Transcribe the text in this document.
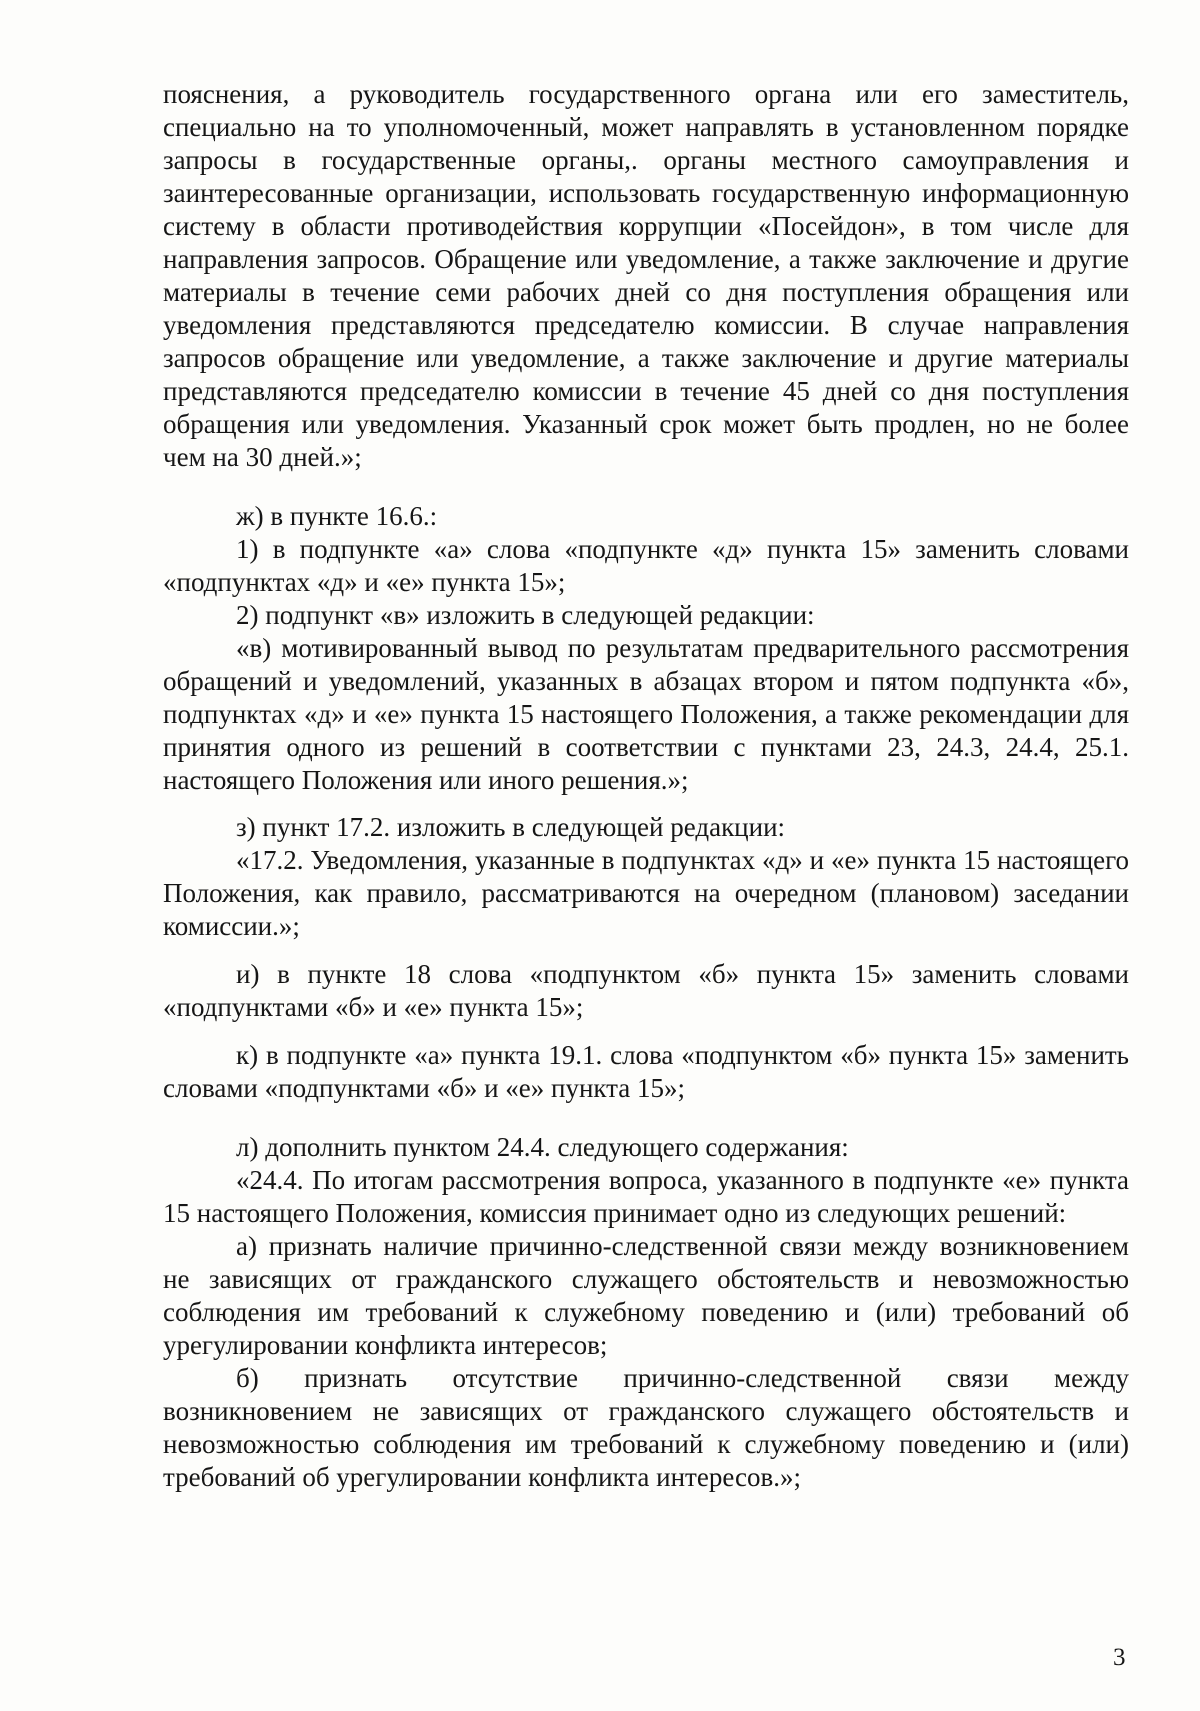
пояснения, а руководитель государственного органа или его заместитель, специально на то уполномоченный, может направлять в установленном порядке запросы в государственные органы,. органы местного самоуправления и заинтересованные организации, использовать государственную информационную систему в области противодействия коррупции «Посейдон», в том числе для направления запросов. Обращение или уведомление, а также заключение и другие материалы в течение семи рабочих дней со дня поступления обращения или уведомления представляются председателю комиссии. В случае направления запросов обращение или уведомление, а также заключение и другие материалы представляются председателю комиссии в течение 45 дней со дня поступления обращения или уведомления. Указанный срок может быть продлен, но не более чем на 30 дней.»;

ж) в пункте 16.6.:

1) в подпункте «а» слова «подпункте «д» пункта 15» заменить словами «подпунктах «д» и «е» пункта 15»;

2) подпункт «в» изложить в следующей редакции:

«в) мотивированный вывод по результатам предварительного рассмотрения обращений и уведомлений, указанных в абзацах втором и пятом подпункта «б», подпунктах «д» и «е» пункта 15 настоящего Положения, а также рекомендации для принятия одного из решений в соответствии с пунктами 23, 24.3, 24.4, 25.1. настоящего Положения или иного решения.»;

з) пункт 17.2. изложить в следующей редакции:

«17.2. Уведомления, указанные в подпунктах «д» и «е» пункта 15 настоящего Положения, как правило, рассматриваются на очередном (плановом) заседании комиссии.»;

и) в пункте 18 слова «подпунктом «б» пункта 15» заменить словами «подпунктами «б» и «е» пункта 15»;

к) в подпункте «а» пункта 19.1. слова «подпунктом «б» пункта 15» заменить словами «подпунктами «б» и «е» пункта 15»;

л) дополнить пунктом 24.4. следующего содержания:

«24.4. По итогам рассмотрения вопроса, указанного в подпункте «е» пункта 15 настоящего Положения, комиссия принимает одно из следующих решений:

а) признать наличие причинно-следственной связи между возникновением не зависящих от гражданского служащего обстоятельств и невозможностью соблюдения им требований к служебному поведению и (или) требований об урегулировании конфликта интересов;

б) признать отсутствие причинно-следственной связи между возникновением не зависящих от гражданского служащего обстоятельств и невозможностью соблюдения им требований к служебному поведению и (или) требований об урегулировании конфликта интересов.»;

3
